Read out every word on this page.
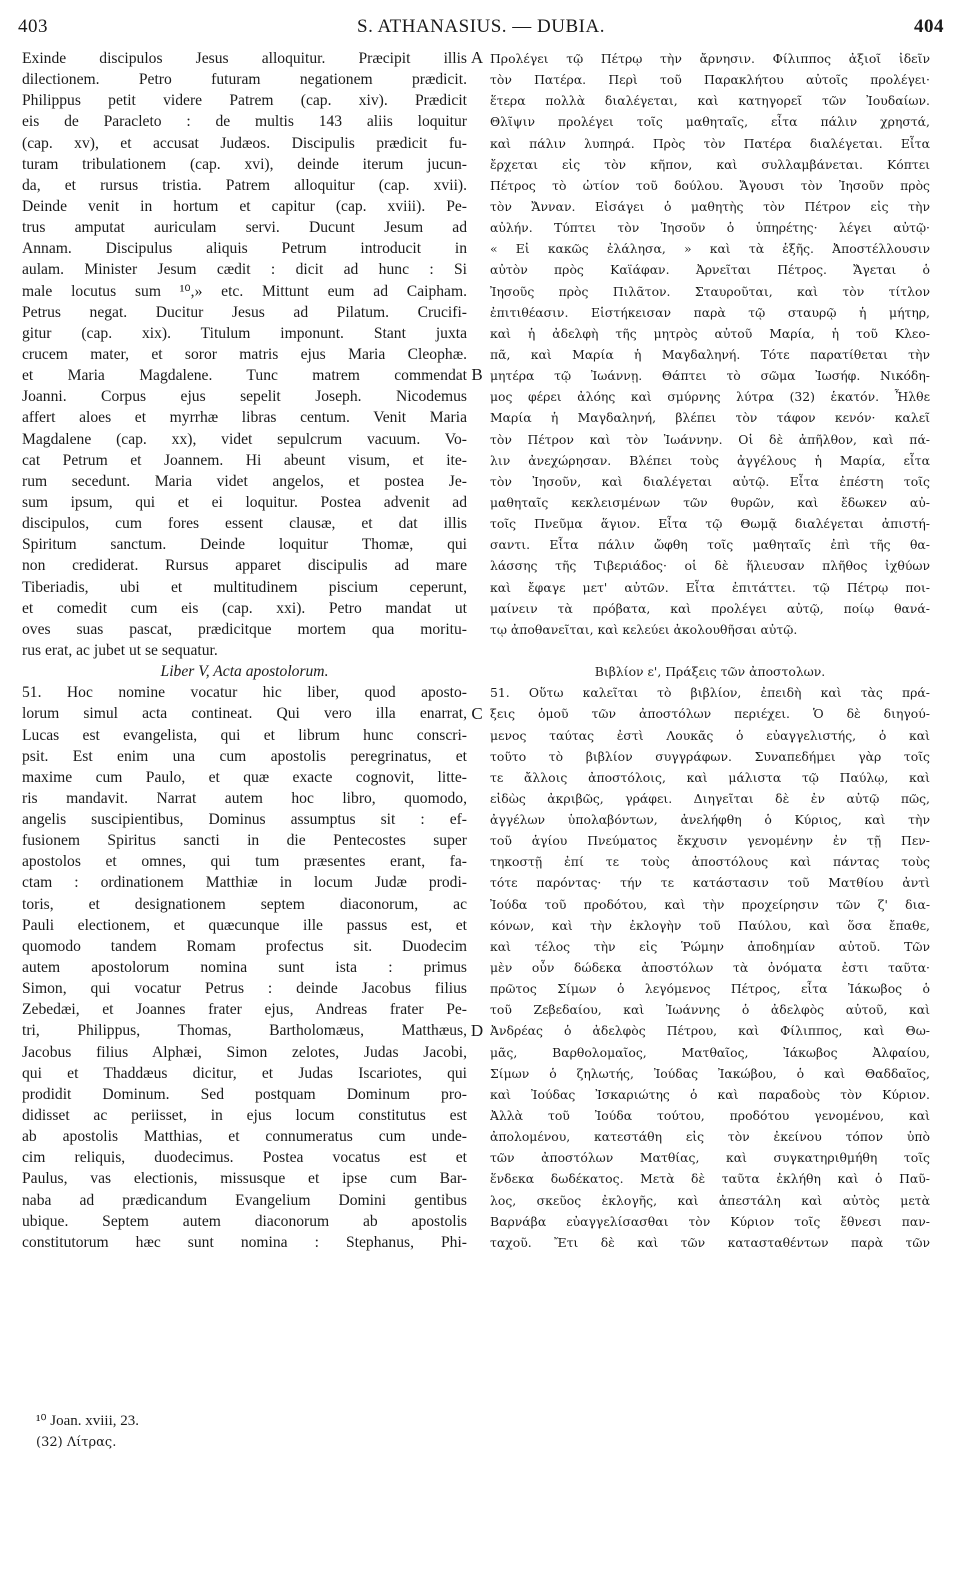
403	S. ATHANASIUS. — DUBIA.	404
Exinde discipulos Jesus alloquitur. Præcipit illis
dilectionem. Petro futuram negationem prædicit.
Philippus petit videre Patrem (cap. xiv). Prædicit
eis de Paracleto : de multis 143 aliis loquitur
(cap. xv), et accusat Judæos. Discipulis prædicit fu-
turam tribulationem (cap. xvi), deinde iterum jucun-
da, et rursus tristia. Patrem alloquitur (cap. xvii).
Deinde venit in hortum et capitur (cap. xviii). Pe-
trus amputat auriculam servi. Ducunt Jesum ad
Annam. Discipulus aliquis Petrum introducit in
aulam. Minister Jesum cædit : dicit ad hunc : Si
male locutus sum ¹⁰,» etc. Mittunt eum ad Caipham.
Petrus negat. Ducitur Jesus ad Pilatum. Crucifi-
gitur (cap. xix). Titulum imponunt. Stant juxta
crucem mater, et soror matris ejus Maria Cleophæ.
et Maria Magdalene. Tunc matrem commendat
Joanni. Corpus ejus sepelit Joseph. Nicodemus
affert aloes et myrrhæ libras centum. Venit Maria
Magdalene (cap. xx), videt sepulcrum vacuum. Vo-
cat Petrum et Joannem. Hi abeunt visum, et ite-
rum secedunt. Maria videt angelos, et postea Je-
sum ipsum, qui et ei loquitur. Postea advenit ad
discipulos, cum fores essent clausæ, et dat illis
Spiritum sanctum. Deinde loquitur Thomæ, qui
non crediderat. Rursus apparet discipulis ad mare
Tiberiadis, ubi et multitudinem piscium ceperunt,
et comedit cum eis (cap. xxi). Petro mandat ut
oves suas pascat, prædicitque mortem qua moritu-
rus erat, ac jubet ut se sequatur.
Liber V, Acta apostolorum.
51. Hoc nomine vocatur hic liber, quod aposto-
lorum simul acta contineat. Qui vero illa enarrat,
Lucas est evangelista, qui et librum hunc conscri-
psit. Est enim una cum apostolis peregrinatus, et
maxime cum Paulo, et quæ exacte cognovit, litte-
ris mandavit. Narrat autem hoc libro, quomodo,
angelis suscipientibus, Dominus assumptus sit : ef-
fusionem Spiritus sancti in die Pentecostes super
apostolos et omnes, qui tum præsentes erant, fa-
ctam : ordinationem Matthiæ in locum Judæ prodi-
toris, et designationem septem diaconorum, ac
Pauli electionem, et quæcunque ille passus est, et
quomodo tandem Romam profectus sit. Duodecim
autem apostolorum nomina sunt ista : primus
Simon, qui vocatur Petrus : deinde Jacobus filius
Zebedæi, et Joannes frater ejus, Andreas frater Pe-
tri, Philippus, Thomas, Bartholomæus, Matthæus,
Jacobus filius Alphæi, Simon zelotes, Judas Jacobi,
qui et Thaddæus dicitur, et Judas Iscariotes, qui
prodidit Dominum. Sed postquam Dominum pro-
didisset ac periisset, in ejus locum constitutus est
ab apostolis Matthias, et connumeratus cum unde-
cim reliquis, duodecimus. Postea vocatus est et
Paulus, vas electionis, missusque et ipse cum Bar-
naba ad prædicandum Evangelium Domini gentibus
ubique. Septem autem diaconorum ab apostolis
constitutorum hæc sunt nomina : Stephanus, Phi-
A
B
C
D
Προλέγει τῷ Πέτρῳ τὴν ἄρνησιν. Φίλιππος ἀξιοῖ ἰδεῖν
τὸν Πατέρα. Περὶ τοῦ Παρακλήτου αὐτοῖς προλέγει·
ἕτερα πολλὰ διαλέγεται, καὶ κατηγορεῖ τῶν Ἰουδαίων.
Θλῖψιν προλέγει τοῖς μαθηταῖς, εἶτα πάλιν χρηστά,
καὶ πάλιν λυπηρά. Πρὸς τὸν Πατέρα διαλέγεται. Εἶτα
ἔρχεται εἰς τὸν κῆπον, καὶ συλλαμβάνεται. Κόπτει
Πέτρος τὸ ὠτίον τοῦ δούλου. Ἄγουσι τὸν Ἰησοῦν πρὸς
τὸν Ἄνναν. Εἰσάγει ὁ μαθητὴς τὸν Πέτρον εἰς τὴν
αὐλήν. Τύπτει τὸν Ἰησοῦν ὁ ὑπηρέτης· λέγει αὐτῷ·
« Εἰ κακῶς ἐλάλησα, » καὶ τὰ ἑξῆς. Ἀποστέλλουσιν
αὐτὸν πρὸς Καϊάφαν. Ἀρνεῖται Πέτρος. Ἄγεται ὁ
Ἰησοῦς πρὸς Πιλᾶτον. Σταυροῦται, καὶ τὸν τίτλον
ἐπιτιθέασιν. Εἱστήκεισαν παρὰ τῷ σταυρῷ ἡ μήτηρ,
καὶ ἡ ἀδελφὴ τῆς μητρὸς αὐτοῦ Μαρία, ἡ τοῦ Κλεο-
πᾶ, καὶ Μαρία ἡ Μαγδαληνή. Τότε παρατίθεται τὴν
μητέρα τῷ Ἰωάννῃ. Θάπτει τὸ σῶμα Ἰωσήφ. Νικόδη-
μος φέρει ἀλόης καὶ σμύρνης λύτρα (32) ἑκατόν. Ἦλθε
Μαρία ἡ Μαγδαληνή, βλέπει τὸν τάφον κενόν· καλεῖ
τὸν Πέτρον καὶ τὸν Ἰωάννην. Οἱ δὲ ἀπῆλθον, καὶ πά-
λιν ἀνεχώρησαν. Βλέπει τοὺς ἀγγέλους ἡ Μαρία, εἶτα
τὸν Ἰησοῦν, καὶ διαλέγεται αὐτῷ. Εἶτα ἐπέστη τοῖς
μαθηταῖς κεκλεισμένων τῶν θυρῶν, καὶ ἔδωκεν αὐ-
τοῖς Πνεῦμα ἅγιον. Εἶτα τῷ Θωμᾷ διαλέγεται ἀπιστή-
σαντι. Εἶτα πάλιν ὤφθη τοῖς μαθηταῖς ἐπὶ τῆς θα-
λάσσης τῆς Τιβεριάδος· οἱ δὲ ἥλιευσαν πλῆθος ἰχθύων
καὶ ἔφαγε μετ' αὐτῶν. Εἶτα ἐπιτάττει. τῷ Πέτρῳ ποι-
μαίνειν τὰ πρόβατα, καὶ προλέγει αὐτῷ, ποίῳ θανά-
τῳ ἀποθανεῖται, καὶ κελεύει ἀκολουθῆσαι αὐτῷ.
Βιβλίον ε', Πράξεις τῶν ἀποστολων.
51. Οὕτω καλεῖται τὸ βιβλίον, ἐπειδὴ καὶ τὰς πρά-
ξεις ὁμοῦ τῶν ἀποστόλων περιέχει. Ὁ δὲ διηγού-
μενος ταύτας ἐστὶ Λουκᾶς ὁ εὐαγγελιστής, ὁ καὶ
τοῦτο τὸ βιβλίον συγγράφων. Συναπεδήμει γὰρ τοῖς
τε ἄλλοις ἀποστόλοις, καὶ μάλιστα τῷ Παύλῳ, καὶ
εἰδὼς ἀκριβῶς, γράφει. Διηγεῖται δὲ ἐν αὐτῷ πῶς,
ἀγγέλων ὑπολαβόντων, ἀνελήφθη ὁ Κύριος, καὶ τὴν
τοῦ ἁγίου Πνεύματος ἔκχυσιν γενομένην ἐν τῇ Πεν-
τηκοστῇ ἐπί τε τοὺς ἀποστόλους καὶ πάντας τοὺς
τότε παρόντας· τήν τε κατάστασιν τοῦ Ματθίου ἀντὶ
Ἰούδα τοῦ προδότου, καὶ τὴν προχείρησιν τῶν ζ' δια-
κόνων, καὶ τὴν ἐκλογὴν τοῦ Παύλου, καὶ ὅσα ἔπαθε,
καὶ τέλος τὴν εἰς Ῥώμην ἀποδημίαν αὐτοῦ. Τῶν
μὲν οὖν δώδεκα ἀποστόλων τὰ ὀνόματα ἐστι ταῦτα·
πρῶτος Σίμων ὁ λεγόμενος Πέτρος, εἶτα Ἰάκωβος ὁ
τοῦ Ζεβεδαίου, καὶ Ἰωάννης ὁ ἀδελφὸς αὐτοῦ, καὶ
Ἀνδρέας ὁ ἀδελφὸς Πέτρου, καὶ Φίλιππος, καὶ Θω-
μᾶς, Βαρθολομαῖος, Ματθαῖος, Ἰάκωβος Ἀλφαίου,
Σίμων ὁ ζηλωτής, Ἰούδας Ἰακώβου, ὁ καὶ Θαδδαῖος,
καὶ Ἰούδας Ἰσκαριώτης ὁ καὶ παραδοὺς τὸν Κύριον.
Ἀλλὰ τοῦ Ἰούδα τούτου, προδότου γενομένου, καὶ
ἀπολομένου, κατεστάθη εἰς τὸν ἐκείνου τόπον ὑπὸ
τῶν ἀποστόλων Ματθίας, καὶ συγκατηριθμήθη τοῖς
ἕνδεκα δωδέκατος. Μετὰ δὲ ταῦτα ἐκλήθη καὶ ὁ Παῦ-
λος, σκεῦος ἐκλογῆς, καὶ ἀπεστάλη καὶ αὐτὸς μετὰ
Βαρνάβα εὐαγγελίσασθαι τὸν Κύριον τοῖς ἔθνεσι παν-
ταχοῦ. Ἔτι δὲ καὶ τῶν κατασταθέντων παρὰ τῶν
¹⁰ Joan. xviii, 23.
(32) Λίτρας.
